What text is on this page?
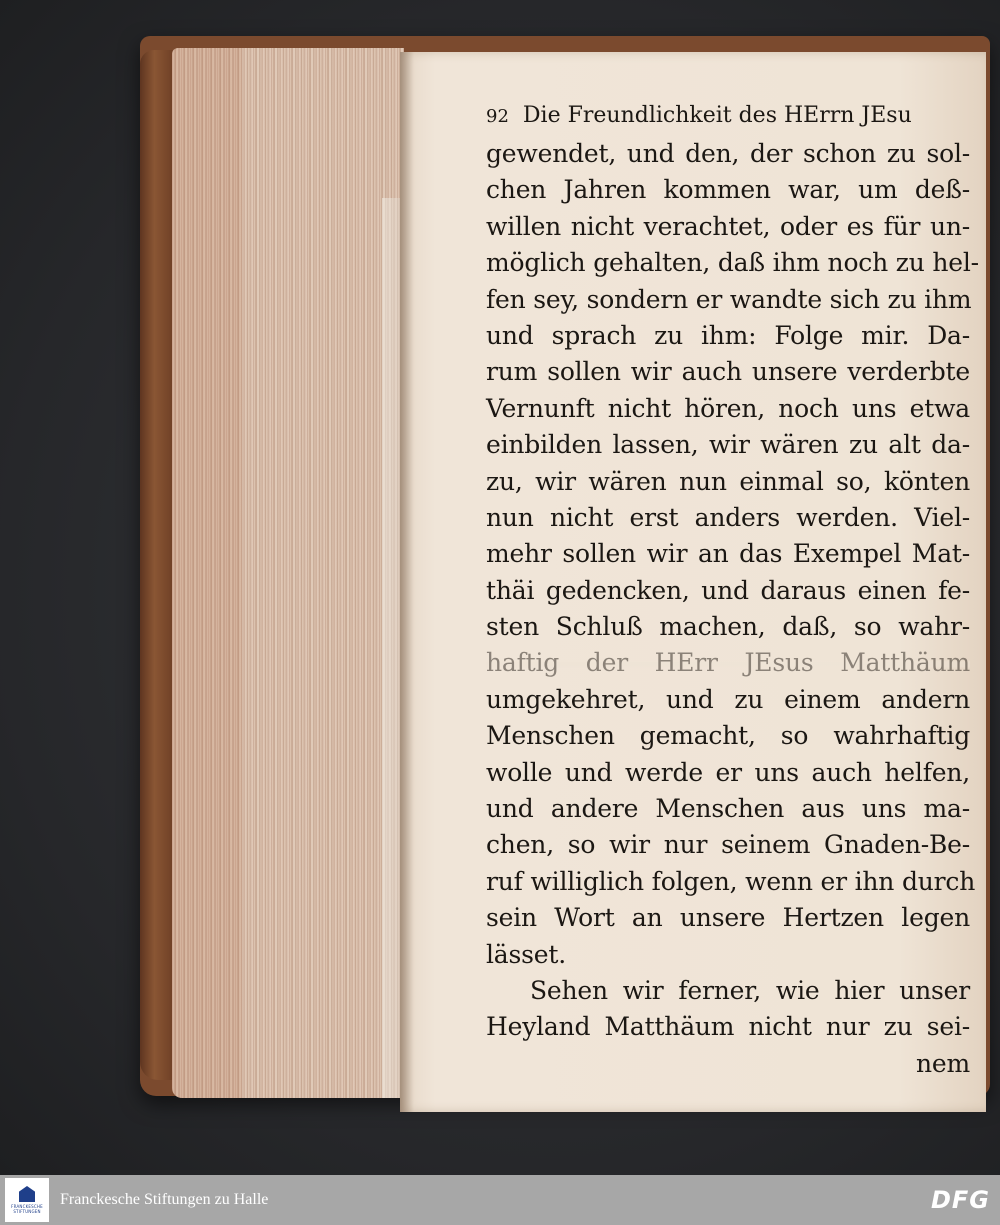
92 Die Freundlichkeit des HErrn JEsu
gewendet, und den, der schon zu sol-
chen Jahren kommen war, um deß-
willen nicht verachtet, oder es für un-
möglich gehalten, daß ihm noch zu hel-
fen sey, sondern er wandte sich zu ihm
und sprach zu ihm: Folge mir. Da-
rum sollen wir auch unsere verderbte
Vernunft nicht hören, noch uns etwa
einbilden lassen, wir wären zu alt da-
zu, wir wären nun einmal so, könten
nun nicht erst anders werden. Viel-
mehr sollen wir an das Exempel Mat-
thäi gedencken, und daraus einen fe-
sten Schluß machen, daß, so wahr-
haftig der HErr JEsus Matthäum
umgekehret, und zu einem andern
Menschen gemacht, so wahrhaftig
wolle und werde er uns auch helfen,
und andere Menschen aus uns ma-
chen, so wir nur seinem Gnaden-Be-
ruf williglich folgen, wenn er ihn durch
sein Wort an unsere Hertzen legen
lässet.
Sehen wir ferner, wie hier unser
Heyland Matthäum nicht nur zu sei-
nem
FRANCKESCHE STIFTUNGEN
Franckesche Stiftungen zu Halle	DFG
